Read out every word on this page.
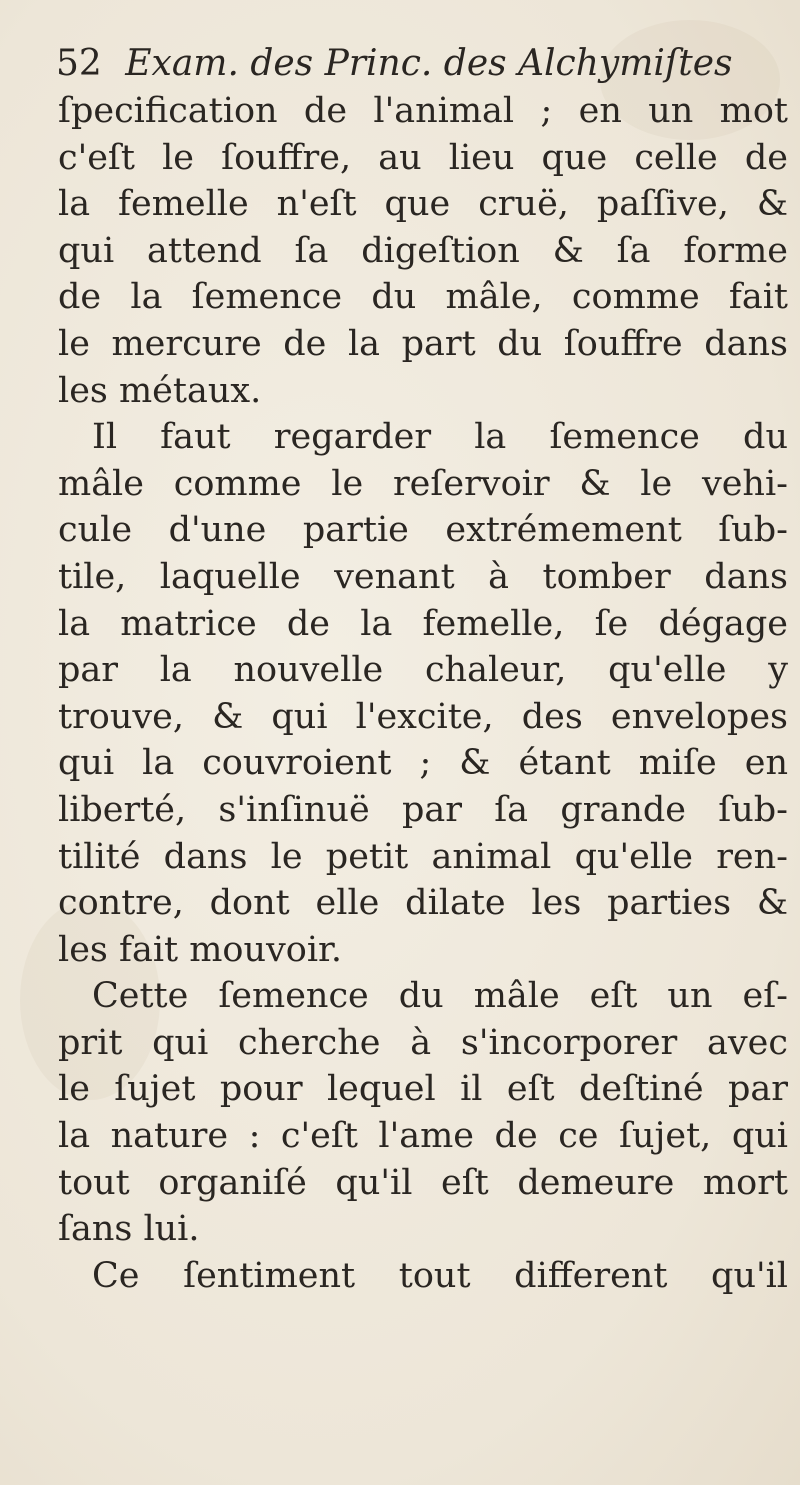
52 Exam. des Princ. des Alchymiſtes
ſpecification de l'animal ; en un mot
c'eſt le ſouffre, au lieu que celle de
la femelle n'eſt que cruë, paſſive, &
qui attend ſa digeſtion & ſa forme
de la ſemence du mâle, comme fait
le mercure de la part du ſouffre dans
les métaux.
Il faut regarder la ſemence du
mâle comme le reſervoir & le vehi-
cule d'une partie extrémement ſub-
tile, laquelle venant à tomber dans
la matrice de la femelle, ſe dégage
par la nouvelle chaleur, qu'elle y
trouve, & qui l'excite, des envelopes
qui la couvroient ; & étant miſe en
liberté, s'inſinuë par ſa grande ſub-
tilité dans le petit animal qu'elle ren-
contre, dont elle dilate les parties &
les fait mouvoir.
Cette ſemence du mâle eſt un eſ-
prit qui cherche à s'incorporer avec
le ſujet pour lequel il eſt deſtiné par
la nature : c'eſt l'ame de ce ſujet, qui
tout organiſé qu'il eſt demeure mort
ſans lui.
Ce ſentiment tout different qu'il
